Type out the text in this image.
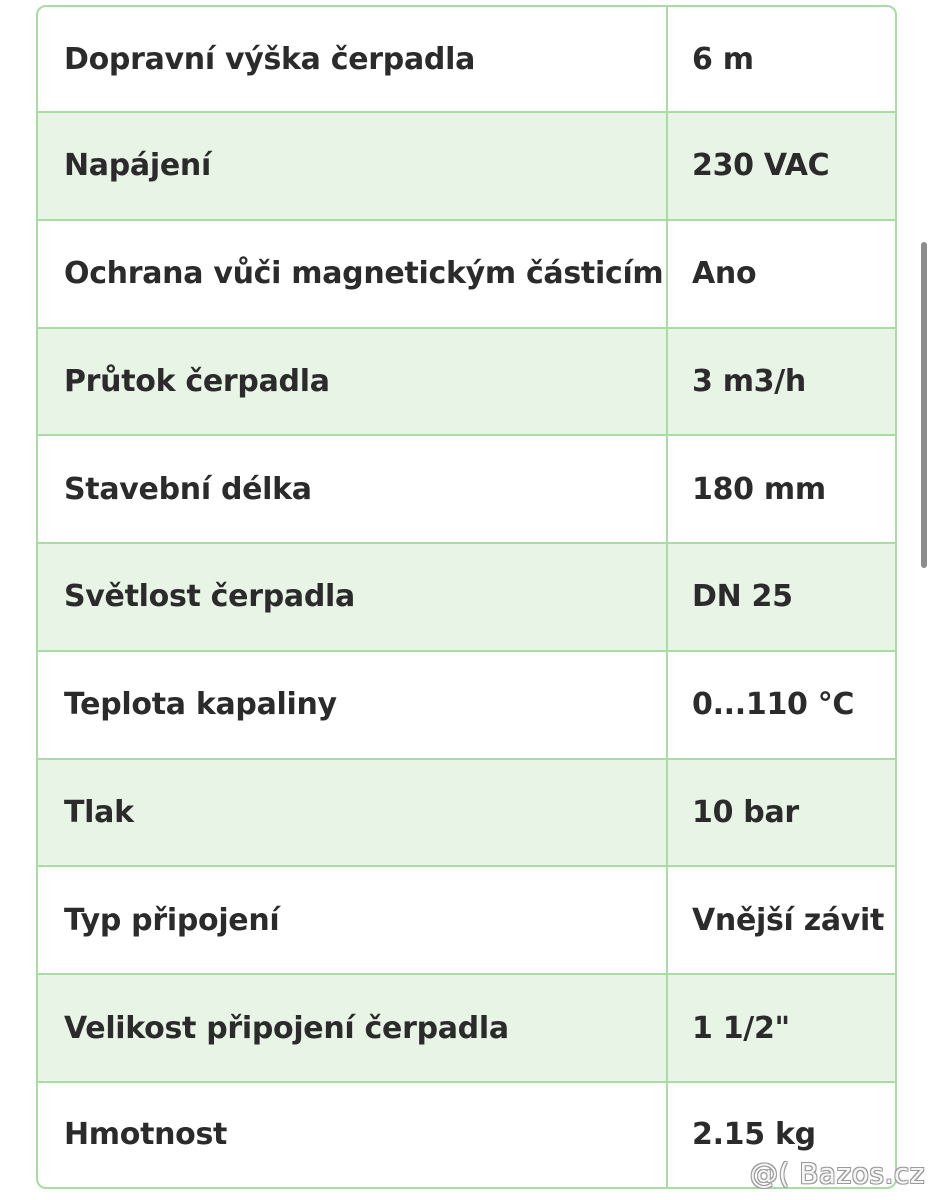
Dopravní výška čerpadla	6 m
Napájení	230 VAC
Ochrana vůči magnetickým částicím	Ano
Průtok čerpadla	3 m3/h
Stavební délka	180 mm
Světlost čerpadla	DN 25
Teplota kapaliny	0...110 °C
Tlak	10 bar
Typ připojení	Vnější závit
Velikost připojení čerpadla	1 1/2"
Hmotnost	2.15 kg
@( Bazos.cz
